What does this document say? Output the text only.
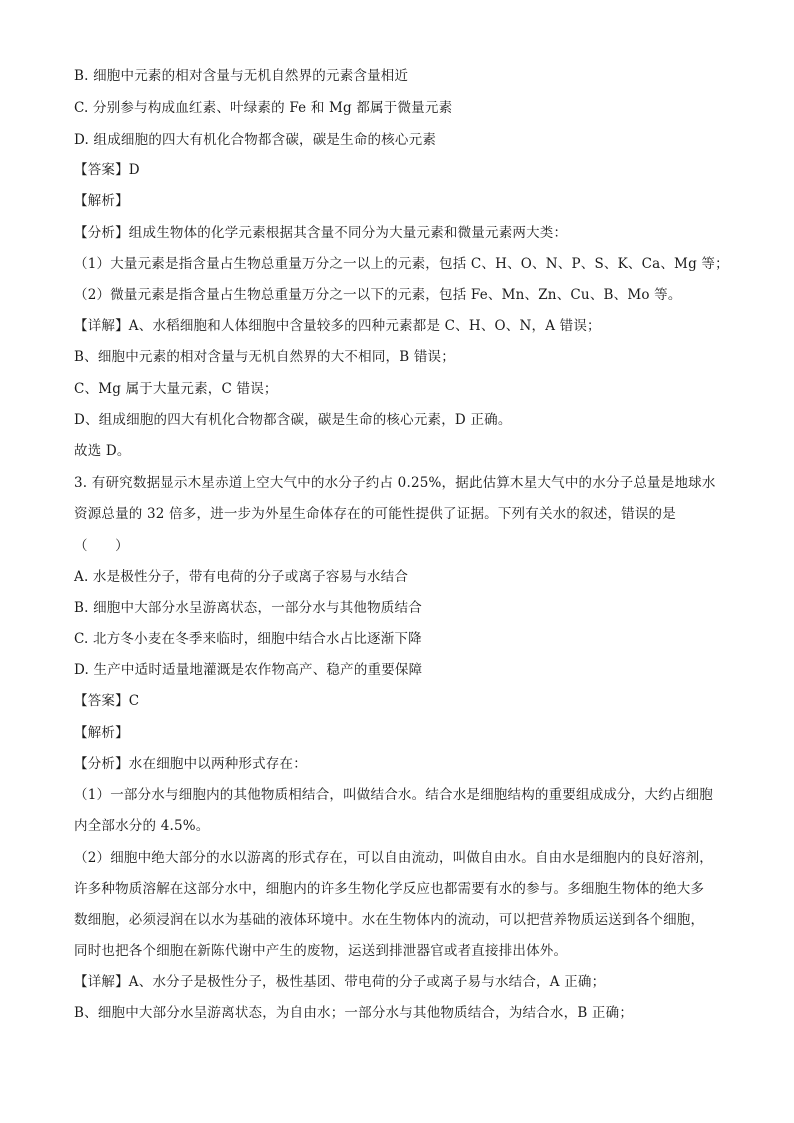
B. 细胞中元素的相对含量与无机自然界的元素含量相近
C. 分别参与构成血红素、叶绿素的 Fe 和 Mg 都属于微量元素
D. 组成细胞的四大有机化合物都含碳，碳是生命的核心元素
【答案】D
【解析】
【分析】组成生物体的化学元素根据其含量不同分为大量元素和微量元素两大类：
（1）大量元素是指含量占生物总重量万分之一以上的元素，包括 C、H、O、N、P、S、K、Ca、Mg 等；
（2）微量元素是指含量占生物总重量万分之一以下的元素，包括 Fe、Mn、Zn、Cu、B、Mo 等。
【详解】A、水稻细胞和人体细胞中含量较多的四种元素都是 C、H、O、N，A 错误；
B、细胞中元素的相对含量与无机自然界的大不相同，B 错误；
C、Mg 属于大量元素，C 错误；
D、组成细胞的四大有机化合物都含碳，碳是生命的核心元素，D 正确。
故选 D。
3. 有研究数据显示木星赤道上空大气中的水分子约占 0.25%，据此估算木星大气中的水分子总量是地球水
资源总量的 32 倍多，进一步为外星生命体存在的可能性提供了证据。下列有关水的叙述，错误的是
（　　）
A. 水是极性分子，带有电荷的分子或离子容易与水结合
B. 细胞中大部分水呈游离状态，一部分水与其他物质结合
C. 北方冬小麦在冬季来临时，细胞中结合水占比逐渐下降
D. 生产中适时适量地灌溉是农作物高产、稳产的重要保障
【答案】C
【解析】
【分析】水在细胞中以两种形式存在：
（1）一部分水与细胞内的其他物质相结合，叫做结合水。结合水是细胞结构的重要组成成分，大约占细胞
内全部水分的 4.5%。
（2）细胞中绝大部分的水以游离的形式存在，可以自由流动，叫做自由水。自由水是细胞内的良好溶剂，
许多种物质溶解在这部分水中，细胞内的许多生物化学反应也都需要有水的参与。多细胞生物体的绝大多
数细胞，必须浸润在以水为基础的液体环境中。水在生物体内的流动，可以把营养物质运送到各个细胞，
同时也把各个细胞在新陈代谢中产生的废物，运送到排泄器官或者直接排出体外。
【详解】A、水分子是极性分子，极性基团、带电荷的分子或离子易与水结合，A 正确；
B、细胞中大部分水呈游离状态，为自由水；一部分水与其他物质结合，为结合水，B 正确；
